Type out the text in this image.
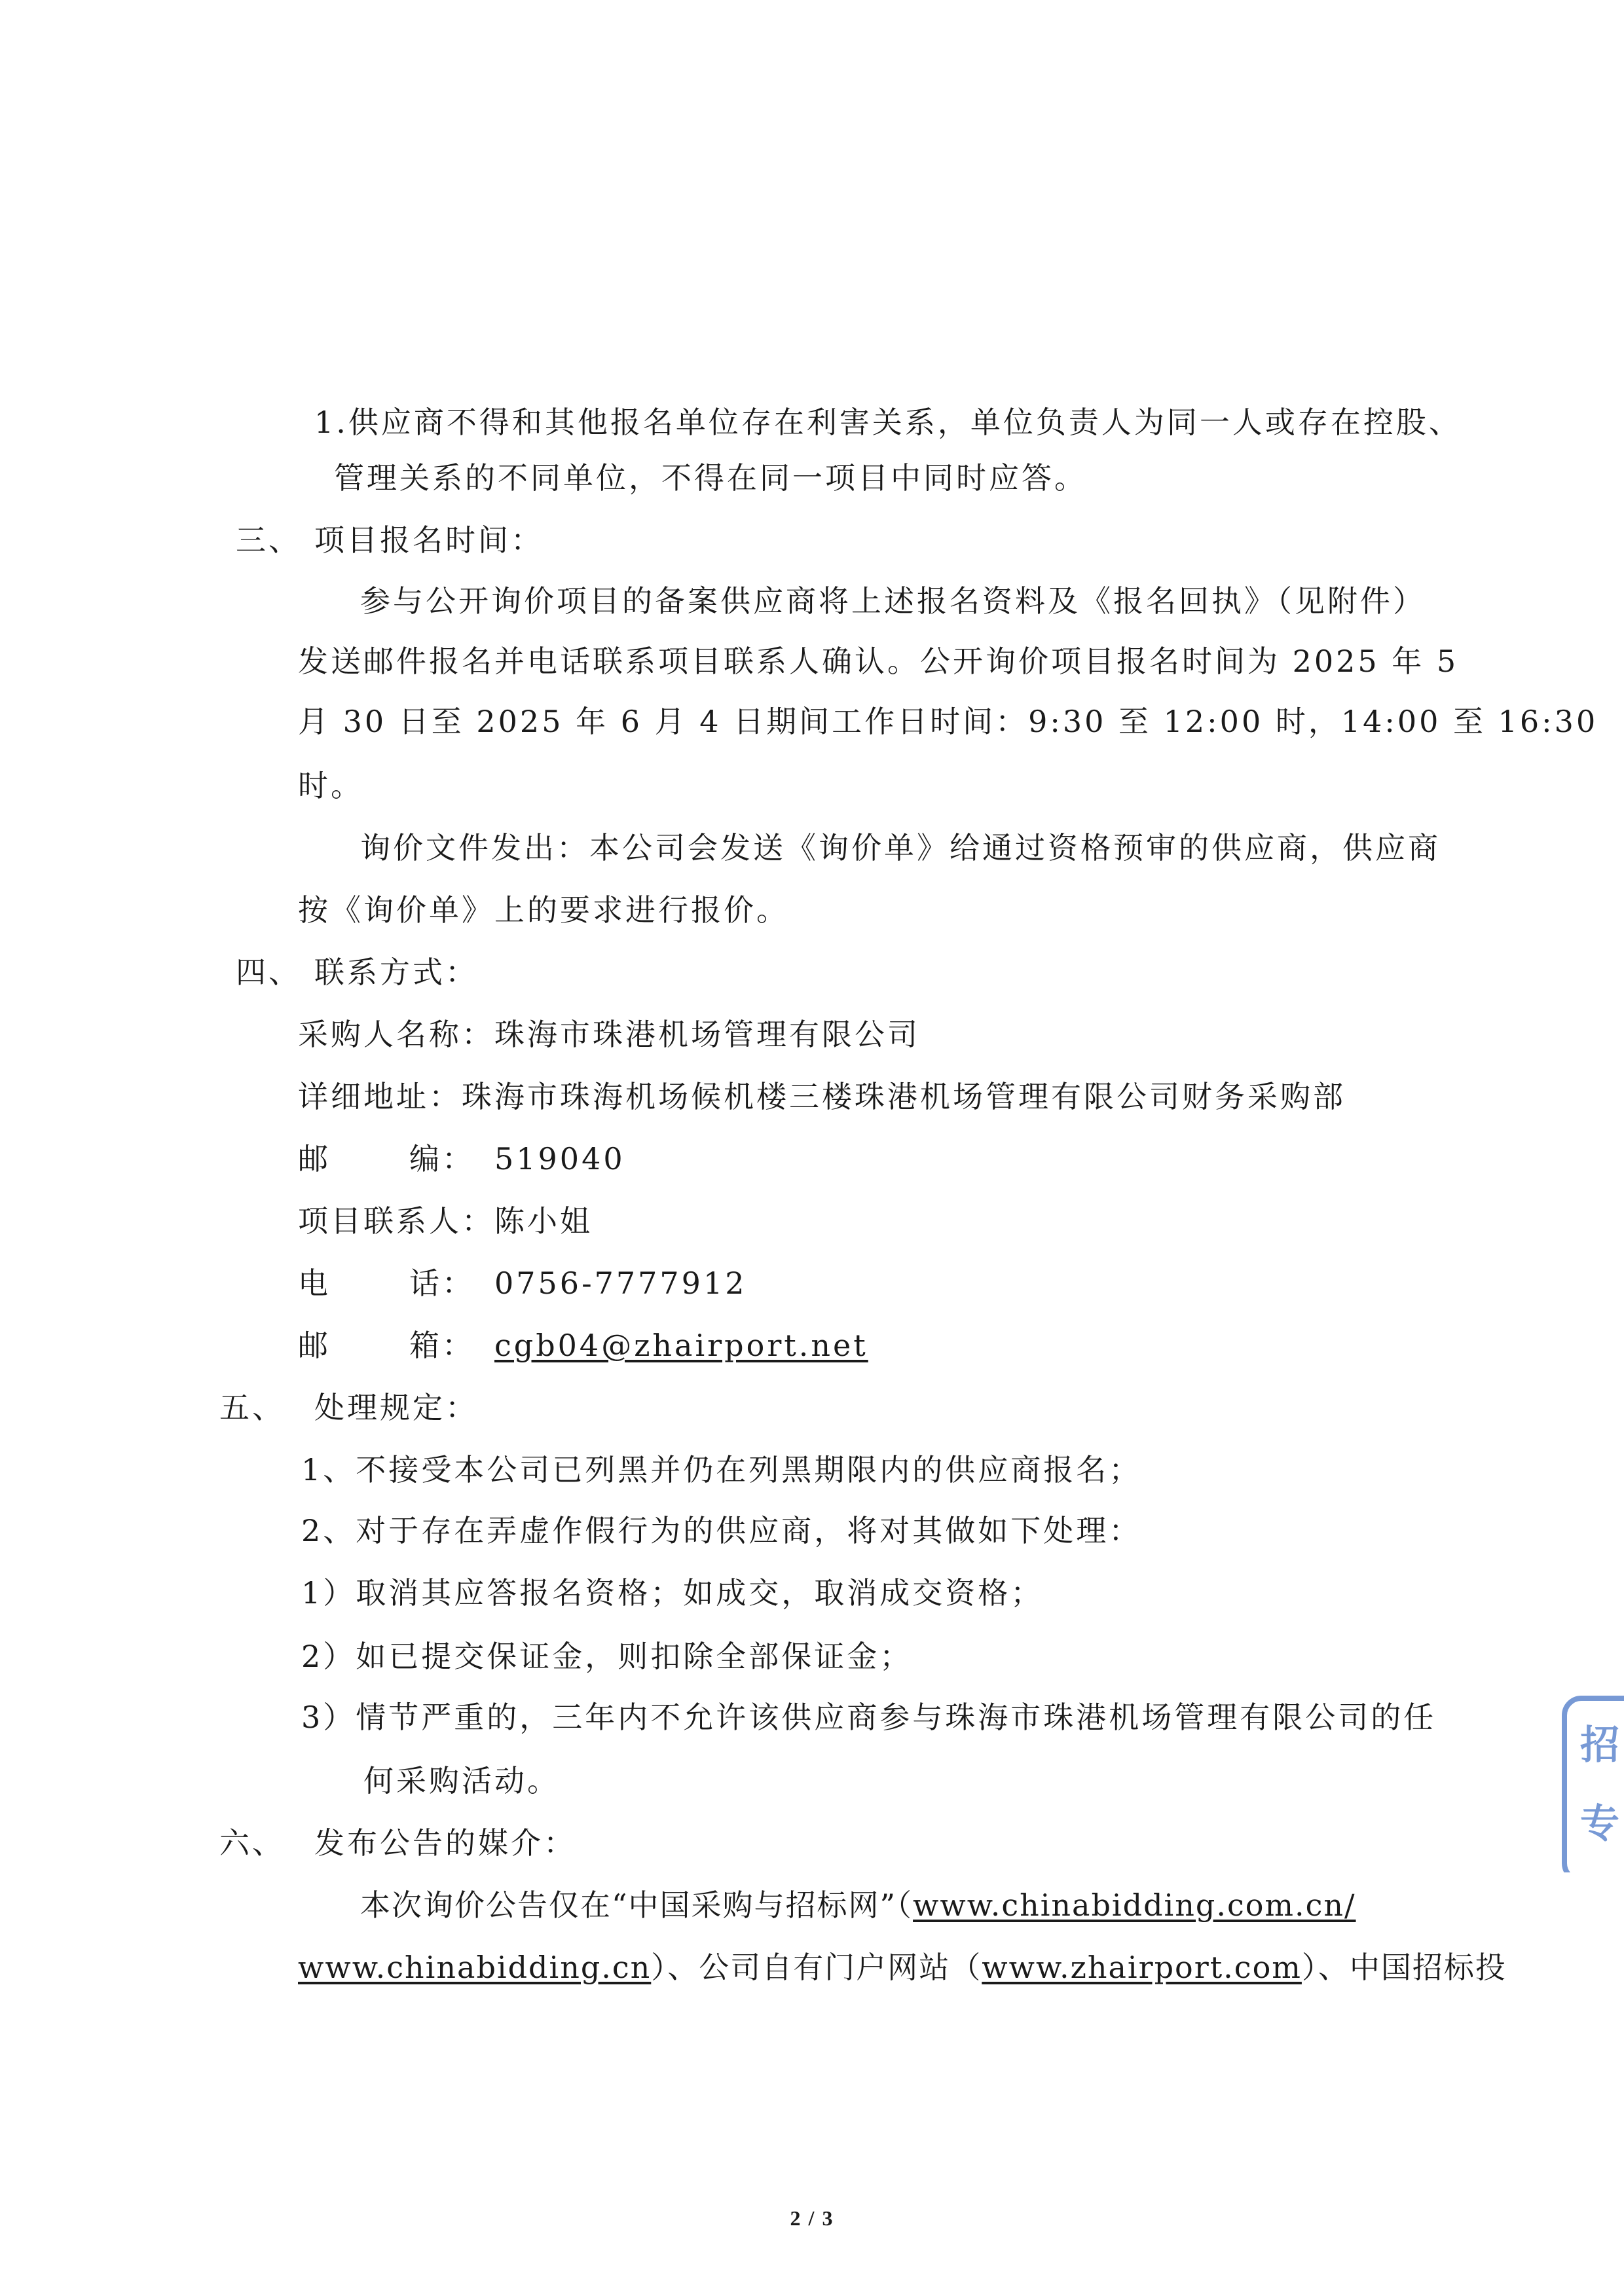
1.供应商不得和其他报名单位存在利害关系，单位负责人为同一人或存在控股、
管理关系的不同单位，不得在同一项目中同时应答。
三、 项目报名时间：
参与公开询价项目的备案供应商将上述报名资料及《报名回执》（见附件）
发送邮件报名并电话联系项目联系人确认。公开询价项目报名时间为 2025 年 5
月 30 日至 2025 年 6 月 4 日期间工作日时间：9:30 至 12:00 时，14:00 至 16:30
时。
询价文件发出：本公司会发送《询价单》给通过资格预审的供应商，供应商
按《询价单》上的要求进行报价。
四、 联系方式：
采购人名称：珠海市珠港机场管理有限公司
详细地址：珠海市珠海机场候机楼三楼珠港机场管理有限公司财务采购部
邮	编： 519040
项目联系人：陈小姐
电	话： 0756-7777912
邮	箱： cgb04@zhairport.net
五、 处理规定：
1、不接受本公司已列黑并仍在列黑期限内的供应商报名；
2、对于存在弄虚作假行为的供应商，将对其做如下处理：
1）取消其应答报名资格；如成交，取消成交资格；
2）如已提交保证金，则扣除全部保证金；
3）情节严重的，三年内不允许该供应商参与珠海市珠港机场管理有限公司的任
何采购活动。
六、 发布公告的媒介：
本次询价公告仅在“中国采购与招标网”（www.chinabidding.com.cn/
www.chinabidding.cn）、公司自有门户网站（www.zhairport.com）、中国招标投
招
专
2 / 3
